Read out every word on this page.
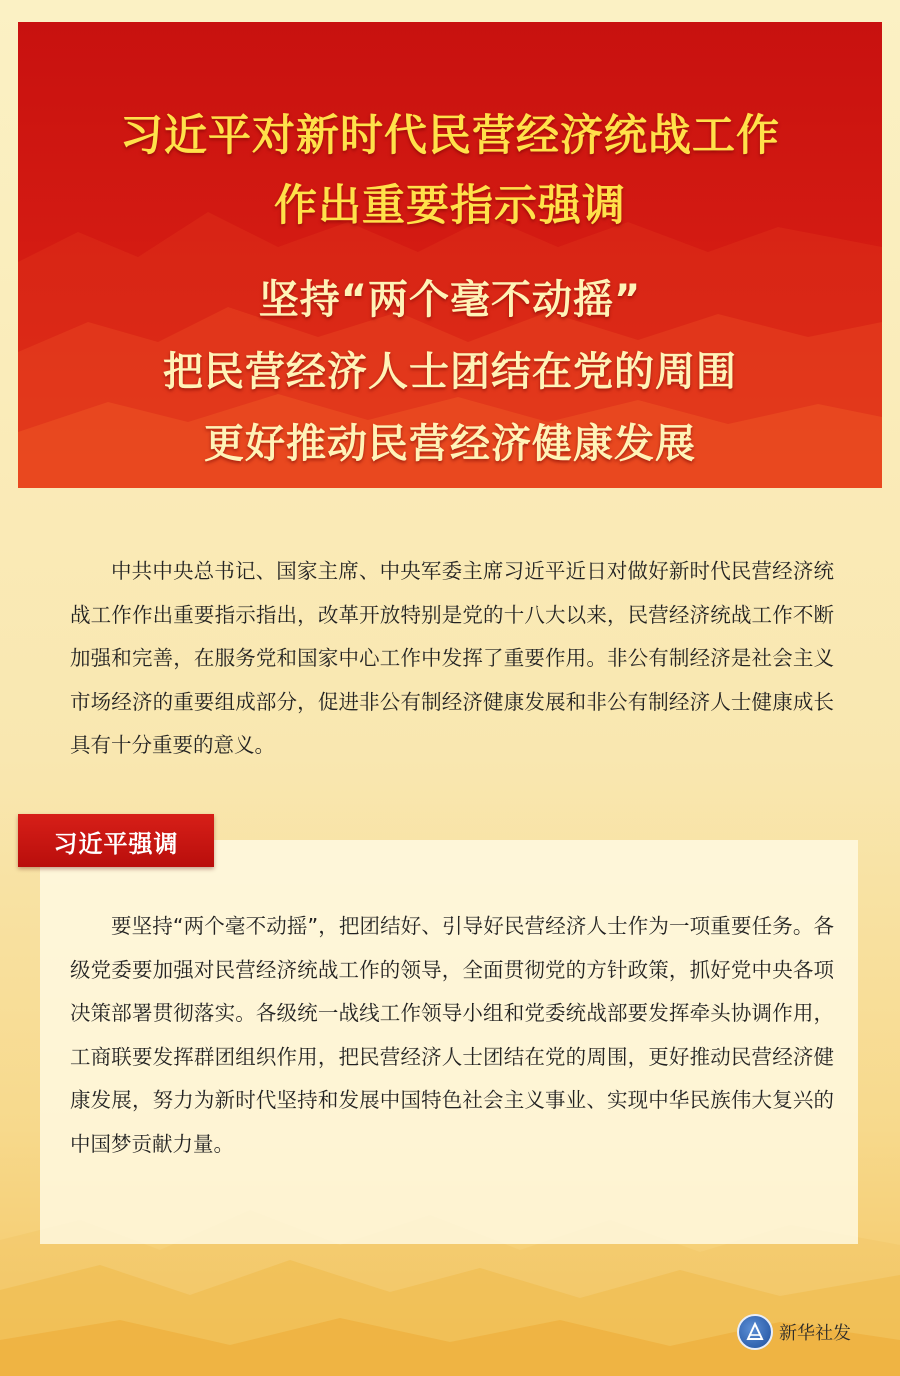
习近平对新时代民营经济统战工作
作出重要指示强调
坚持“两个毫不动摇”
把民营经济人士团结在党的周围
更好推动民营经济健康发展

中共中央总书记、国家主席、中央军委主席习近平近日对做好新时代民营经济统战工作作出重要指示指出，改革开放特别是党的十八大以来，民营经济统战工作不断加强和完善，在服务党和国家中心工作中发挥了重要作用。非公有制经济是社会主义市场经济的重要组成部分，促进非公有制经济健康发展和非公有制经济人士健康成长具有十分重要的意义。

习近平强调

要坚持“两个毫不动摇”，把团结好、引导好民营经济人士作为一项重要任务。各级党委要加强对民营经济统战工作的领导，全面贯彻党的方针政策，抓好党中央各项决策部署贯彻落实。各级统一战线工作领导小组和党委统战部要发挥牵头协调作用，工商联要发挥群团组织作用，把民营经济人士团结在党的周围，更好推动民营经济健康发展，努力为新时代坚持和发展中国特色社会主义事业、实现中华民族伟大复兴的中国梦贡献力量。

新华社发
